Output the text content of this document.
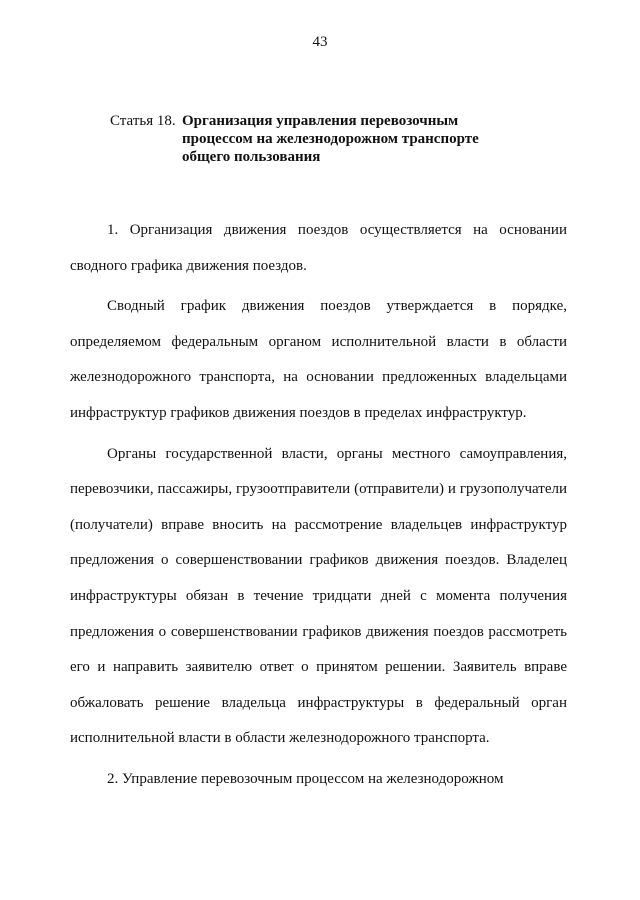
43
Статья 18. Организация управления перевозочным
процессом на железнодорожном транспорте
общего пользования

1. Организация движения поездов осуществляется на основании сводного графика движения поездов.

Сводный график движения поездов утверждается в порядке, определяемом федеральным органом исполнительной власти в области железнодорожного транспорта, на основании предложенных владельцами инфраструктур графиков движения поездов в пределах инфраструктур.

Органы государственной власти, органы местного самоуправления, перевозчики, пассажиры, грузоотправители (отправители) и грузополучатели (получатели) вправе вносить на рассмотрение владельцев инфраструктур предложения о совершенствовании графиков движения поездов. Владелец инфраструктуры обязан в течение тридцати дней с момента получения предложения о совершенствовании графиков движения поездов рассмотреть его и направить заявителю ответ о принятом решении. Заявитель вправе обжаловать решение владельца инфраструктуры в федеральный орган исполнительной власти в области железнодорожного транспорта.

2. Управление перевозочным процессом на железнодорожном
